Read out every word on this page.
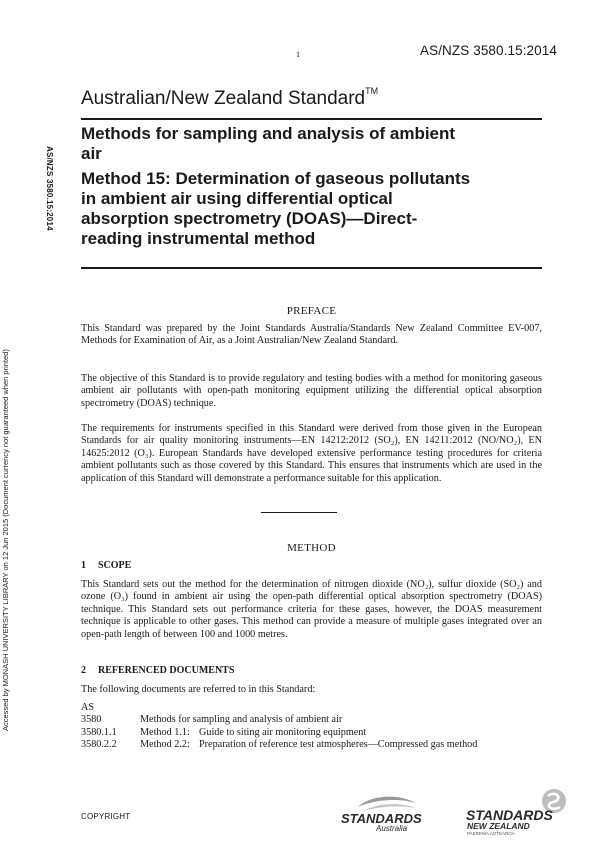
1	AS/NZS 3580.15:2014
Australian/New Zealand Standard™
Methods for sampling and analysis of ambient
air
Method 15: Determination of gaseous pollutants
in ambient air using differential optical
absorption spectrometry (DOAS)—Direct-
reading instrumental method
AS/NZS 3580.15:2014
Accessed by MONASH UNIVERSITY LIBRARY on 12 Jun 2015 (Document currency not guaranteed when printed)
PREFACE

This Standard was prepared by the Joint Standards Australia/Standards New Zealand Committee EV-007, Methods for Examination of Air, as a Joint Australian/New Zealand Standard.

The objective of this Standard is to provide regulatory and testing bodies with a method for monitoring gaseous ambient air pollutants with open-path monitoring equipment utilizing the differential optical absorption spectrometry (DOAS) technique.

The requirements for instruments specified in this Standard were derived from those given in the European Standards for air quality monitoring instruments—EN 14212:2012 (SO₂), EN 14211:2012 (NO/NO₂), EN 14625:2012 (O₃). European Standards have developed extensive performance testing procedures for criteria ambient pollutants such as those covered by this Standard. This ensures that instruments which are used in the application of this Standard will demonstrate a performance suitable for this application.

METHOD
1 SCOPE

This Standard sets out the method for the determination of nitrogen dioxide (NO₂), sulfur dioxide (SO₂) and ozone (O₃) found in ambient air using the open-path differential optical absorption spectrometry (DOAS) technique. This Standard sets out performance criteria for these gases, however, the DOAS measurement technique is applicable to other gases. This method can provide a measure of multiple gases integrated over an open-path length of between 100 and 1000 metres.

2 REFERENCED DOCUMENTS

The following documents are referred to in this Standard:

AS
3580	Methods for sampling and analysis of ambient air
3580.1.1	Method 1.1: Guide to siting air monitoring equipment
3580.2.2	Method 2.2: Preparation of reference test atmospheres—Compressed gas method
COPYRIGHT	STANDARDS
Australia
STANDARDS
NEW ZEALAND
PAEREWA AOTEAROA
